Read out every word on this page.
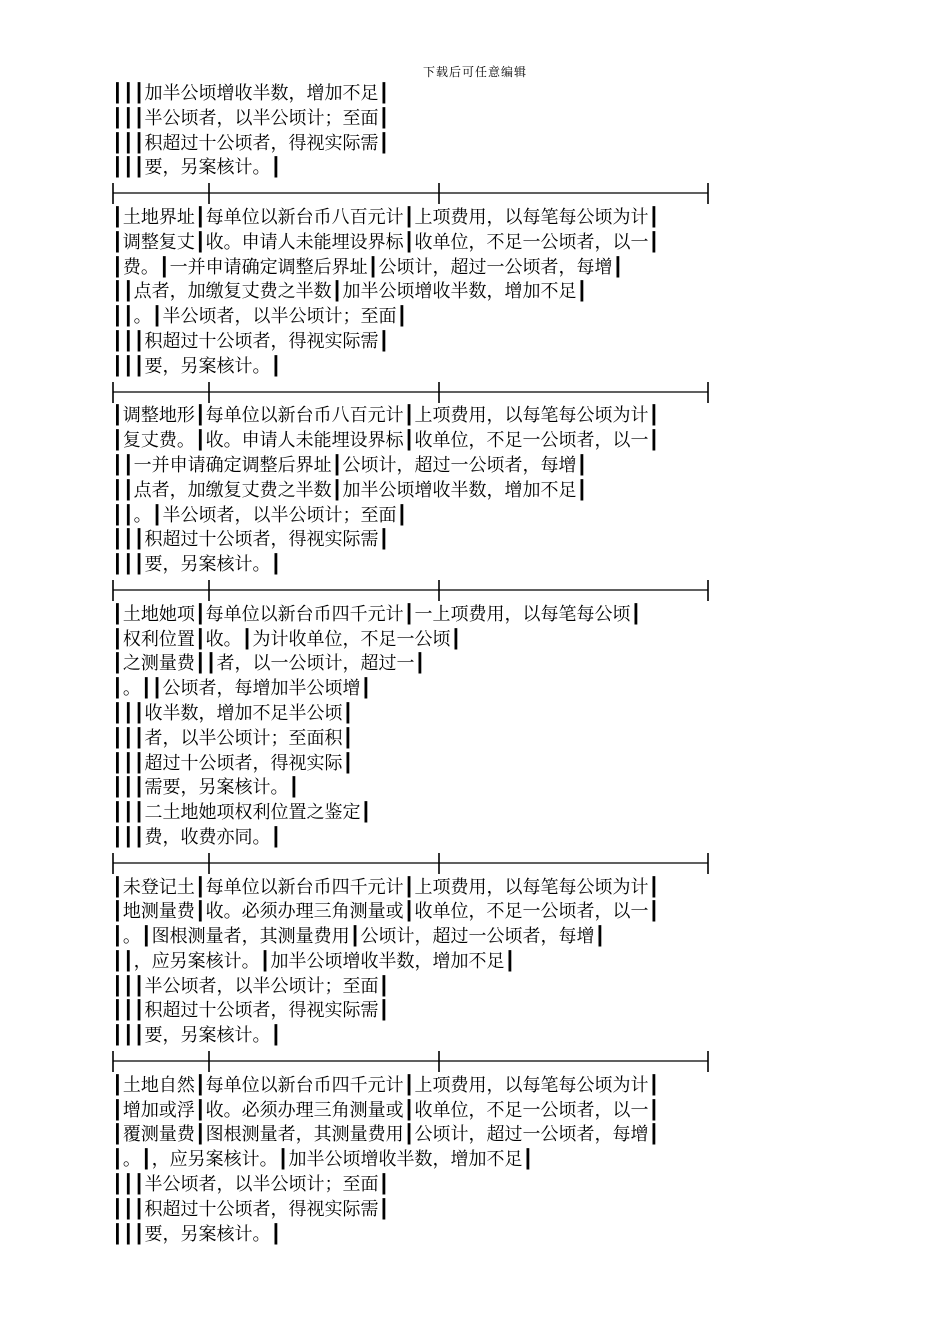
下载后可任意编辑
┃┃┃加半公顷增收半数，增加不足┃
┃┃┃半公顷者，以半公顷计；至面┃
┃┃┃积超过十公顷者，得视实际需┃
┃┃┃要，另案核计。┃
┃土地界址┃每单位以新台币八百元计┃上项费用，以每笔每公顷为计┃
┃调整复丈┃收。申请人未能埋设界标┃收单位，不足一公顷者，以一┃
┃费。┃一并申请确定调整后界址┃公顷计，超过一公顷者，每增┃
┃┃点者，加缴复丈费之半数┃加半公顷增收半数，增加不足┃
┃┃。┃半公顷者，以半公顷计；至面┃
┃┃┃积超过十公顷者，得视实际需┃
┃┃┃要，另案核计。┃
┃调整地形┃每单位以新台币八百元计┃上项费用，以每笔每公顷为计┃
┃复丈费。┃收。申请人未能埋设界标┃收单位，不足一公顷者，以一┃
┃┃一并申请确定调整后界址┃公顷计，超过一公顷者，每增┃
┃┃点者，加缴复丈费之半数┃加半公顷增收半数，增加不足┃
┃┃。┃半公顷者，以半公顷计；至面┃
┃┃┃积超过十公顷者，得视实际需┃
┃┃┃要，另案核计。┃
┃土地她项┃每单位以新台币四千元计┃一上项费用，以每笔每公顷┃
┃权利位置┃收。┃为计收单位，不足一公顷┃
┃之测量费┃┃者，以一公顷计，超过一┃
┃。┃┃公顷者，每增加半公顷增┃
┃┃┃收半数，增加不足半公顷┃
┃┃┃者，以半公顷计；至面积┃
┃┃┃超过十公顷者，得视实际┃
┃┃┃需要，另案核计。┃
┃┃┃二土地她项权利位置之鉴定┃
┃┃┃费，收费亦同。┃
┃未登记土┃每单位以新台币四千元计┃上项费用，以每笔每公顷为计┃
┃地测量费┃收。必须办理三角测量或┃收单位，不足一公顷者，以一┃
┃。┃图根测量者，其测量费用┃公顷计，超过一公顷者，每增┃
┃┃，应另案核计。┃加半公顷增收半数，增加不足┃
┃┃┃半公顷者，以半公顷计；至面┃
┃┃┃积超过十公顷者，得视实际需┃
┃┃┃要，另案核计。┃
┃土地自然┃每单位以新台币四千元计┃上项费用，以每笔每公顷为计┃
┃增加或浮┃收。必须办理三角测量或┃收单位，不足一公顷者，以一┃
┃覆测量费┃图根测量者，其测量费用┃公顷计，超过一公顷者，每增┃
┃。┃，应另案核计。┃加半公顷增收半数，增加不足┃
┃┃┃半公顷者，以半公顷计；至面┃
┃┃┃积超过十公顷者，得视实际需┃
┃┃┃要，另案核计。┃
